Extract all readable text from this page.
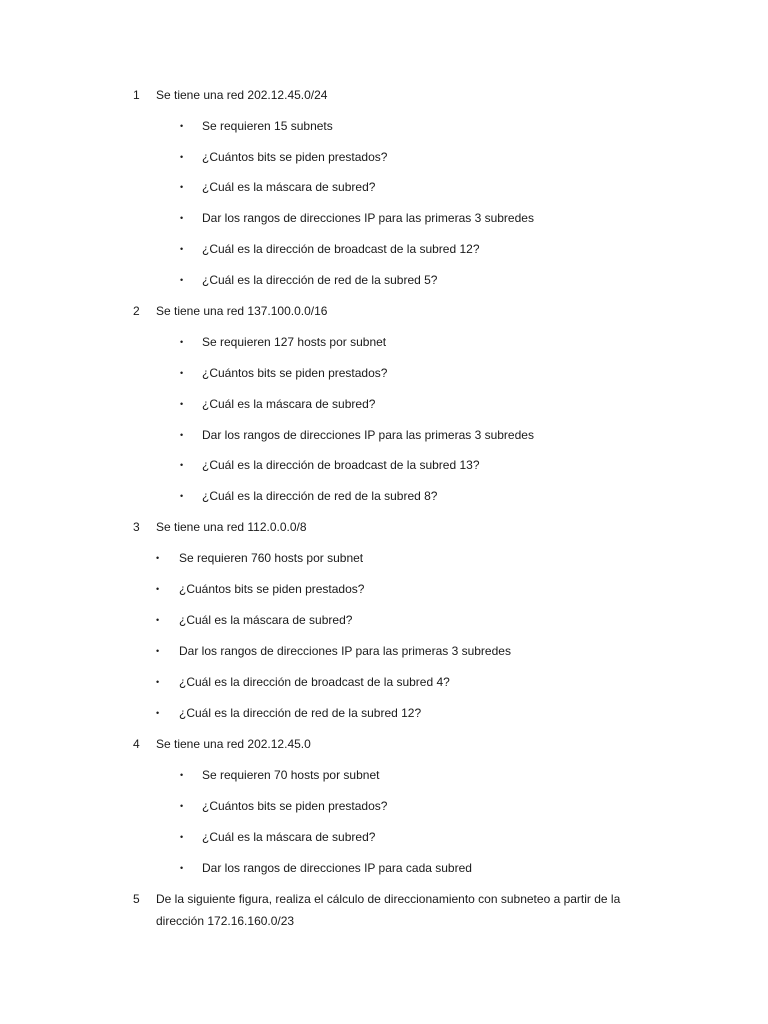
1 Se tiene una red 202.12.45.0/24
• Se requieren 15 subnets
• ¿Cuántos bits se piden prestados?
• ¿Cuál es la máscara de subred?
• Dar los rangos de direcciones IP para las primeras 3 subredes
• ¿Cuál es la dirección de broadcast de la subred 12?
• ¿Cuál es la dirección de red de la subred 5?
2 Se tiene una red 137.100.0.0/16
• Se requieren 127 hosts por subnet
• ¿Cuántos bits se piden prestados?
• ¿Cuál es la máscara de subred?
• Dar los rangos de direcciones IP para las primeras 3 subredes
• ¿Cuál es la dirección de broadcast de la subred 13?
• ¿Cuál es la dirección de red de la subred 8?
3 Se tiene una red 112.0.0.0/8
• Se requieren 760 hosts por subnet
• ¿Cuántos bits se piden prestados?
• ¿Cuál es la máscara de subred?
• Dar los rangos de direcciones IP para las primeras 3 subredes
• ¿Cuál es la dirección de broadcast de la subred 4?
• ¿Cuál es la dirección de red de la subred 12?
4 Se tiene una red 202.12.45.0
• Se requieren 70 hosts por subnet
• ¿Cuántos bits se piden prestados?
• ¿Cuál es la máscara de subred?
• Dar los rangos de direcciones IP para cada subred
5 De la siguiente figura, realiza el cálculo de direccionamiento con subneteo a partir de la dirección 172.16.160.0/23
